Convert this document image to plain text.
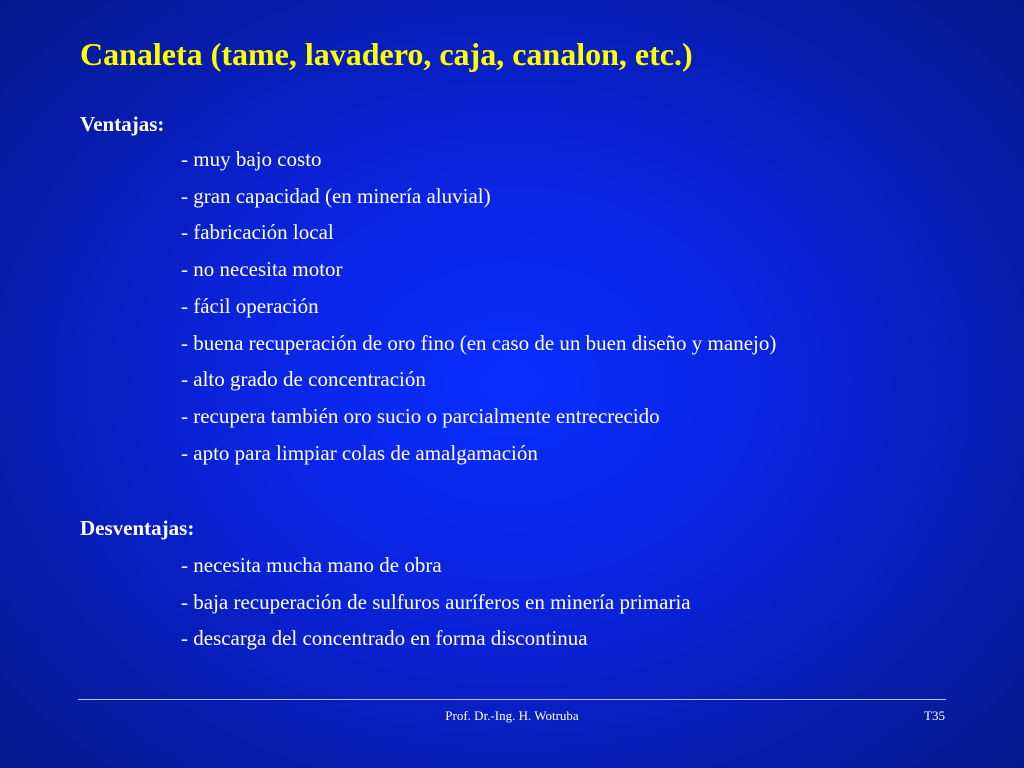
Canaleta (tame, lavadero, caja, canalon, etc.)
Ventajas:
- muy bajo costo
- gran capacidad (en minería aluvial)
- fabricación local
- no necesita motor
- fácil operación
- buena recuperación de oro fino (en caso de un buen diseño y manejo)
- alto grado de concentración
- recupera también oro sucio o parcialmente entrecrecido
- apto para limpiar colas de amalgamación
Desventajas:
- necesita mucha mano de obra
- baja recuperación de sulfuros auríferos en minería primaria
- descarga del concentrado en forma discontinua
Prof. Dr.-Ing. H. Wotruba	T35
